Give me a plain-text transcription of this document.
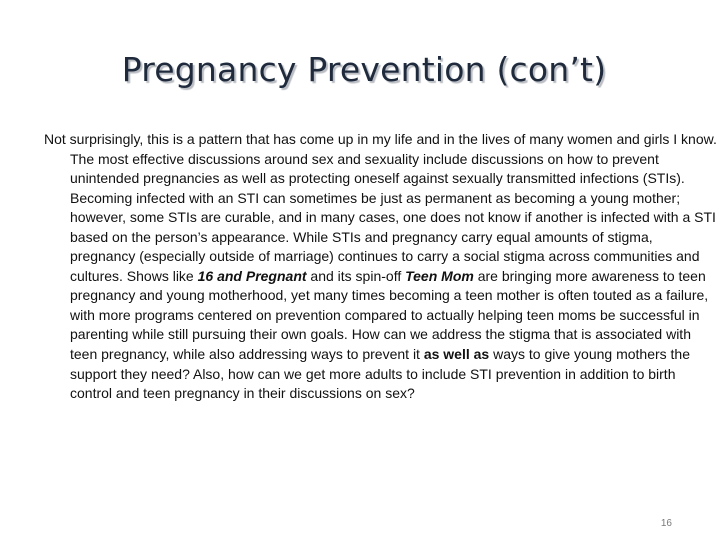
Pregnancy Prevention (con’t)

Not surprisingly, this is a pattern that has come up in my life and in the lives of many women and girls I know. The most effective discussions around sex and sexuality include discussions on how to prevent unintended pregnancies as well as protecting oneself against sexually transmitted infections (STIs). Becoming infected with an STI can sometimes be just as permanent as becoming a young mother; however, some STIs are curable, and in many cases, one does not know if another is infected with a STI based on the person’s appearance. While STIs and pregnancy carry equal amounts of stigma, pregnancy (especially outside of marriage) continues to carry a social stigma across communities and cultures. Shows like 16 and Pregnant and its spin-off Teen Mom are bringing more awareness to teen pregnancy and young motherhood, yet many times becoming a teen mother is often touted as a failure, with more programs centered on prevention compared to actually helping teen moms be successful in parenting while still pursuing their own goals. How can we address the stigma that is associated with teen pregnancy, while also addressing ways to prevent it as well as ways to give young mothers the support they need? Also, how can we get more adults to include STI prevention in addition to birth control and teen pregnancy in their discussions on sex?

16
